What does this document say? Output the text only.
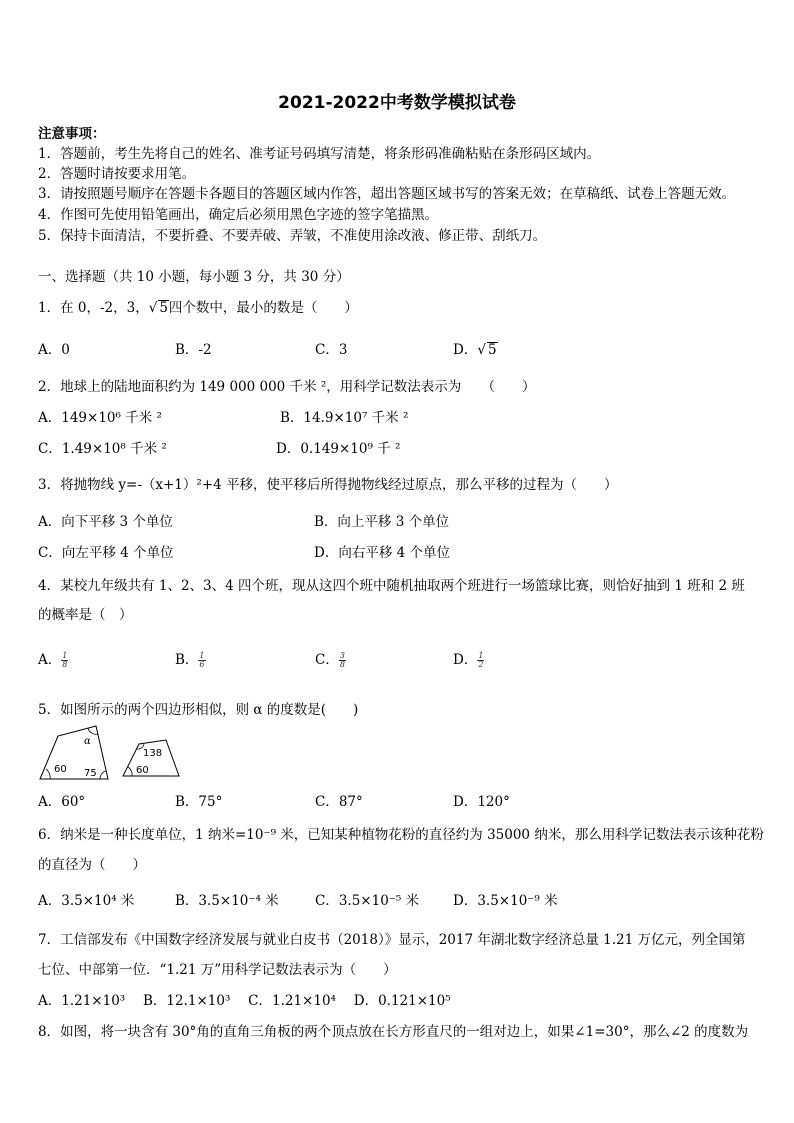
2021-2022中考数学模拟试卷
注意事项：
1．答题前，考生先将自己的姓名、准考证号码填写清楚，将条形码准确粘贴在条形码区域内。
2．答题时请按要求用笔。
3．请按照题号顺序在答题卡各题目的答题区域内作答，超出答题区域书写的答案无效；在草稿纸、试卷上答题无效。
4．作图可先使用铅笔画出，确定后必须用黑色字迹的签字笔描黑。
5．保持卡面清洁，不要折叠、不要弄破、弄皱，不准使用涂改液、修正带、刮纸刀。
一、选择题（共 10 小题，每小题 3 分，共 30 分）
1．在 0，-2，3，√ 5四个数中，最小的数是（　　）
A．0	B．-2	C．3	D．√ 5
2．地球上的陆地面积约为 149 000 000 千米 ²，用科学记数法表示为　　（　　）
A．149×10⁶ 千米 ²	B．14.9×10⁷ 千米 ²
C．1.49×10⁸ 千米 ²	D．0.149×10⁹ 千 ²
3．将抛物线 y=-（x+1）²+4 平移，使平移后所得抛物线经过原点，那么平移的过程为（　　）
A．向下平移 3 个单位	B．向上平移 3 个单位
C．向左平移 4 个单位	D．向右平移 4 个单位
4．某校九年级共有 1、2、3、4 四个班，现从这四个班中随机抽取两个班进行一场篮球比赛，则恰好抽到 1 班和 2 班
的概率是（　）
A． $\frac{1}{8}$	B． $\frac{1}{6}$	C． $\frac{3}{8}$	D． $\frac{1}{2}$
5．如图所示的两个四边形相似，则 α 的度数是(　　)
α
60 75
138
60
A．60°	B．75°	C．87°	D．120°
6．纳米是一种长度单位，1 纳米=10⁻⁹ 米，已知某种植物花粉的直径约为 35000 纳米，那么用科学记数法表示该种花粉
的直径为（　　）
A．3.5×10⁴ 米	B．3.5×10⁻⁴ 米	C．3.5×10⁻⁵ 米	D．3.5×10⁻⁹ 米
7．工信部发布《中国数字经济发展与就业白皮书（2018）》显示，2017 年湖北数字经济总量 1.21 万亿元，列全国第
七位、中部第一位．“1.21 万”用科学记数法表示为（　　）
A．1.21×10³　 B．12.1×10³　 C．1.21×10⁴　 D．0.121×10⁵
8．如图，将一块含有 30°角的直角三角板的两个顶点放在长方形直尺的一组对边上，如果∠1=30°，那么∠2 的度数为
